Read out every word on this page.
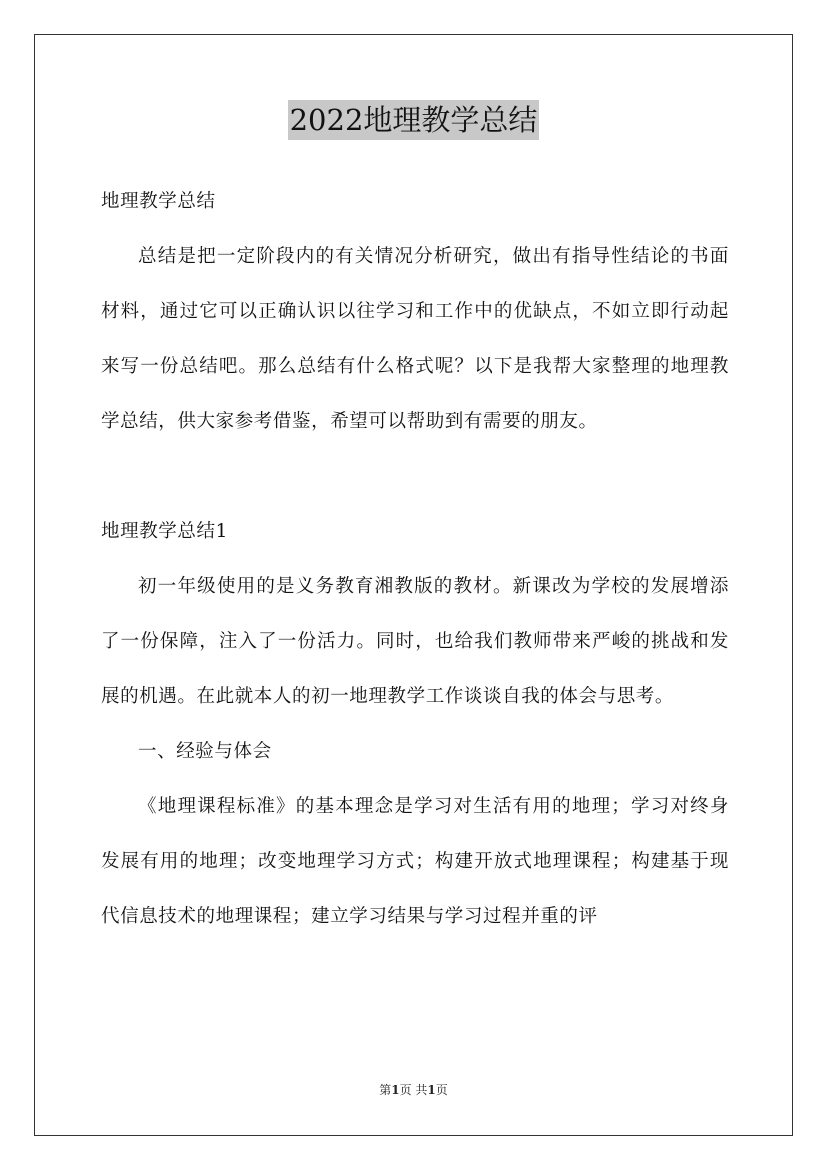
2022地理教学总结

地理教学总结

总结是把一定阶段内的有关情况分析研究，做出有指导性结论的书面材料，通过它可以正确认识以往学习和工作中的优缺点，不如立即行动起来写一份总结吧。那么总结有什么格式呢？以下是我帮大家整理的地理教学总结，供大家参考借鉴，希望可以帮助到有需要的朋友。

地理教学总结1

初一年级使用的是义务教育湘教版的教材。新课改为学校的发展增添了一份保障，注入了一份活力。同时，也给我们教师带来严峻的挑战和发展的机遇。在此就本人的初一地理教学工作谈谈自我的体会与思考。

一、经验与体会

《地理课程标准》的基本理念是学习对生活有用的地理；学习对终身发展有用的地理；改变地理学习方式；构建开放式地理课程；构建基于现代信息技术的地理课程；建立学习结果与学习过程并重的评

第1页 共1页
